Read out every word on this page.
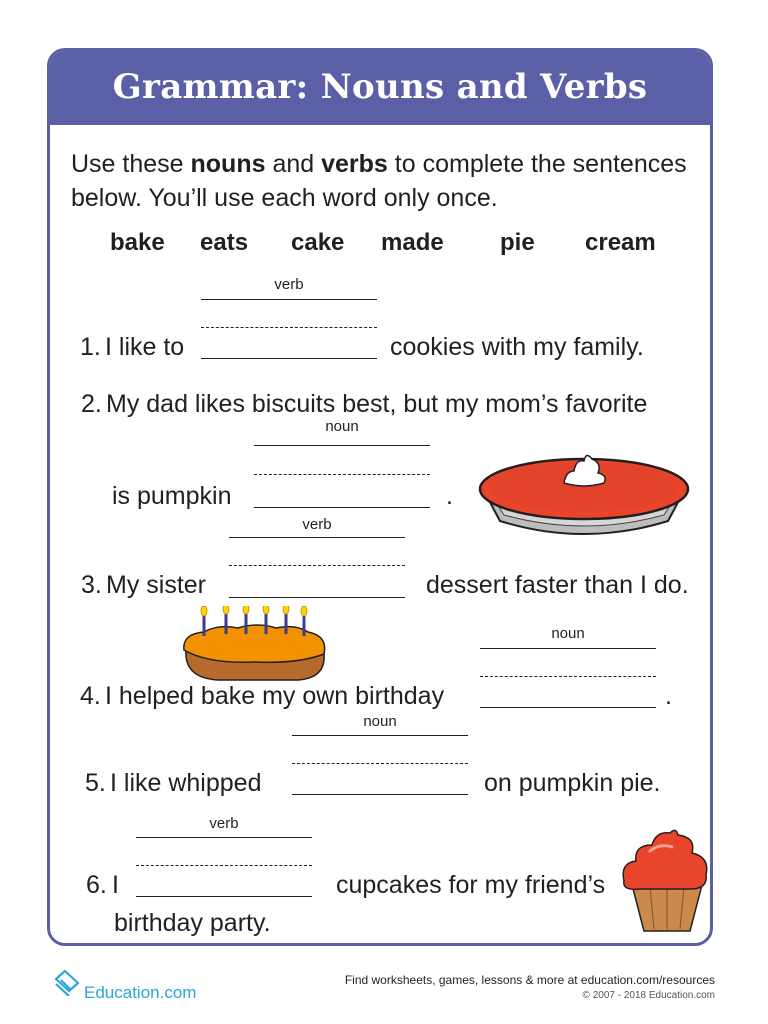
Grammar: Nouns and Verbs
Use these nouns and verbs to complete the sentences
below. You’ll use each word only once.
bake eats cake made pie cream
verb
1. I like to	cookies with my family.
2. My dad likes biscuits best, but my mom’s favorite
noun
is pumpkin	.
verb
3. My sister	dessert faster than I do.
noun
4. I helped bake my own birthday	.
noun
5. I like whipped	on pumpkin pie.
verb
6. I	cupcakes for my friend’s
birthday party.
Education.com
Find worksheets, games, lessons & more at education.com/resources
© 2007 - 2018 Education.com
